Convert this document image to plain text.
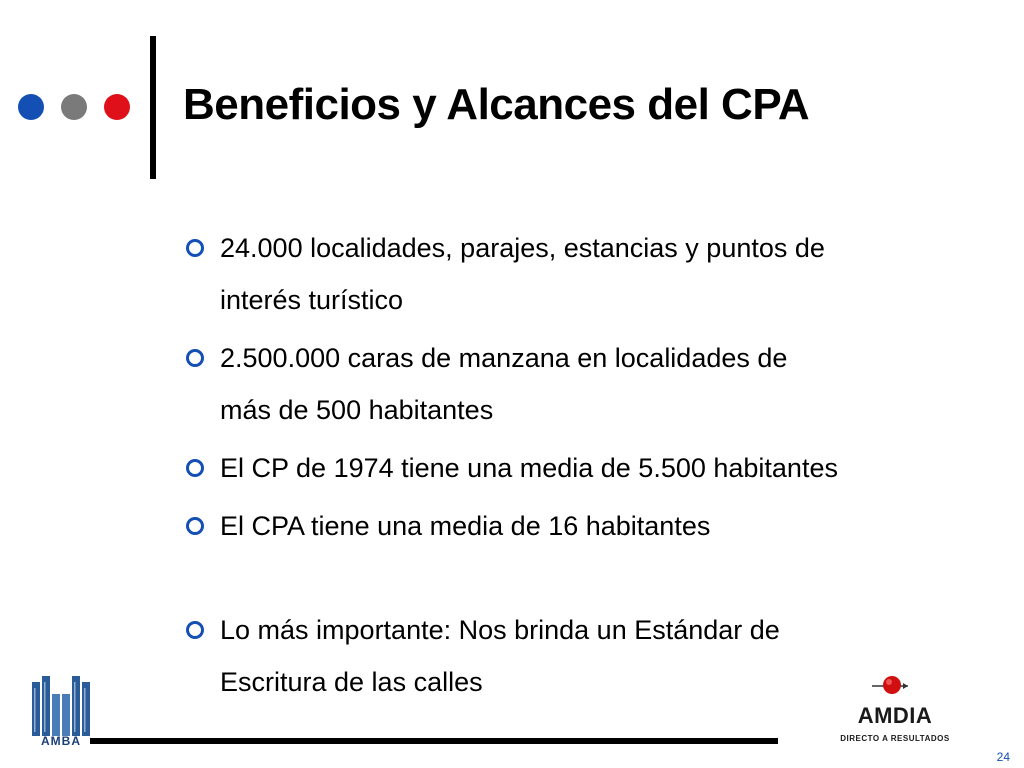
Beneficios y Alcances del CPA
24.000 localidades, parajes, estancias y puntos de
interés turístico
2.500.000 caras de manzana en localidades de
más de 500 habitantes
El CP de 1974 tiene una media de 5.500 habitantes
El CPA tiene una media de 16 habitantes
Lo más importante: Nos brinda un Estándar de
Escritura de las calles
AMBA
AMDIA
DIRECTO A RESULTADOS
24
